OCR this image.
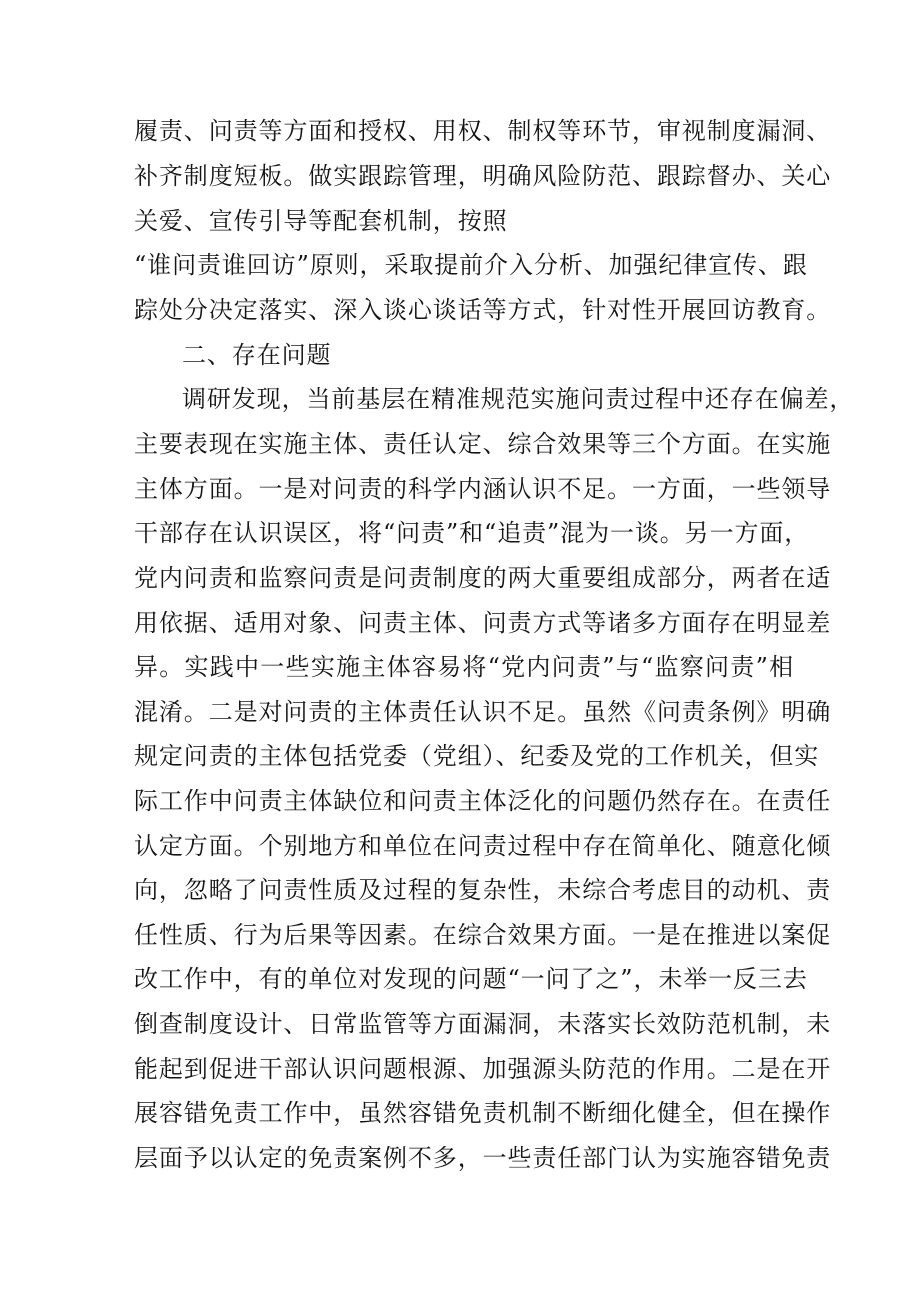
履责、问责等方面和授权、用权、制权等环节，审视制度漏洞、
补齐制度短板。做实跟踪管理，明确风险防范、跟踪督办、关心
关爱、宣传引导等配套机制，按照
“谁问责谁回访”原则，采取提前介入分析、加强纪律宣传、跟
踪处分决定落实、深入谈心谈话等方式，针对性开展回访教育。
二、存在问题
调研发现，当前基层在精准规范实施问责过程中还存在偏差，
主要表现在实施主体、责任认定、综合效果等三个方面。在实施
主体方面。一是对问责的科学内涵认识不足。一方面，一些领导
干部存在认识误区，将“问责”和“追责”混为一谈。另一方面，
党内问责和监察问责是问责制度的两大重要组成部分，两者在适
用依据、适用对象、问责主体、问责方式等诸多方面存在明显差
异。实践中一些实施主体容易将“党内问责”与“监察问责”相
混淆。二是对问责的主体责任认识不足。虽然《问责条例》明确
规定问责的主体包括党委（党组）、纪委及党的工作机关，但实
际工作中问责主体缺位和问责主体泛化的问题仍然存在。在责任
认定方面。个别地方和单位在问责过程中存在简单化、随意化倾
向，忽略了问责性质及过程的复杂性，未综合考虑目的动机、责
任性质、行为后果等因素。在综合效果方面。一是在推进以案促
改工作中，有的单位对发现的问题“一问了之”，未举一反三去
倒查制度设计、日常监管等方面漏洞，未落实长效防范机制，未
能起到促进干部认识问题根源、加强源头防范的作用。二是在开
展容错免责工作中，虽然容错免责机制不断细化健全，但在操作
层面予以认定的免责案例不多，一些责任部门认为实施容错免责
